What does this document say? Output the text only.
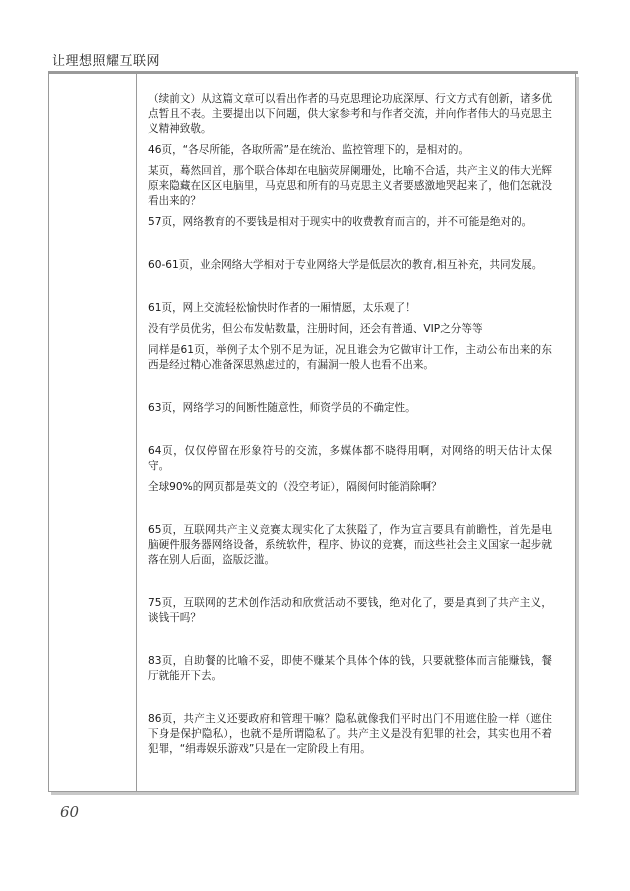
让理想照耀互联网

（续前文）从这篇文章可以看出作者的马克思理论功底深厚、行文方式有创新，诸多优点暂且不表。主要提出以下问题，供大家参考和与作者交流，并向作者伟大的马克思主义精神致敬。

46页，“各尽所能，各取所需”是在统治、监控管理下的，是相对的。

某页，蓦然回首，那个联合体却在电脑荧屏阑珊处，比喻不合适，共产主义的伟大光辉原来隐藏在区区电脑里，马克思和所有的马克思主义者要感激地哭起来了，他们怎就没看出来的？

57页，网络教育的不要钱是相对于现实中的收费教育而言的，并不可能是绝对的。

60-61页，业余网络大学相对于专业网络大学是低层次的教育,相互补充，共同发展。

61页，网上交流轻松愉快时作者的一厢情愿，太乐观了！

没有学员优劣，但公布发帖数量，注册时间，还会有普通、VIP之分等等

同样是61页，举例子太个别不足为证，况且谁会为它做审计工作，主动公布出来的东西是经过精心准备深思熟虑过的，有漏洞一般人也看不出来。

63页，网络学习的间断性随意性，师资学员的不确定性。

64页，仅仅停留在形象符号的交流，多媒体都不晓得用啊，对网络的明天估计太保守。

全球90%的网页都是英文的（没空考证），隔阂何时能消除啊？

65页，互联网共产主义竞赛太现实化了太狭隘了，作为宣言要具有前瞻性，首先是电脑硬件服务器网络设备，系统软件，程序、协议的竞赛，而这些社会主义国家一起步就落在别人后面，盗版泛滥。

75页，互联网的艺术创作活动和欣赏活动不要钱，绝对化了，要是真到了共产主义，谈钱干吗？

83页，自助餐的比喻不妥，即使不赚某个具体个体的钱，只要就整体而言能赚钱，餐厅就能开下去。

86页，共产主义还要政府和管理干嘛？隐私就像我们平时出门不用遮住脸一样（遮住下身是保护隐私），也就不是所谓隐私了。共产主义是没有犯罪的社会，其实也用不着犯罪，“绢毒娱乐游戏”只是在一定阶段上有用。

60
